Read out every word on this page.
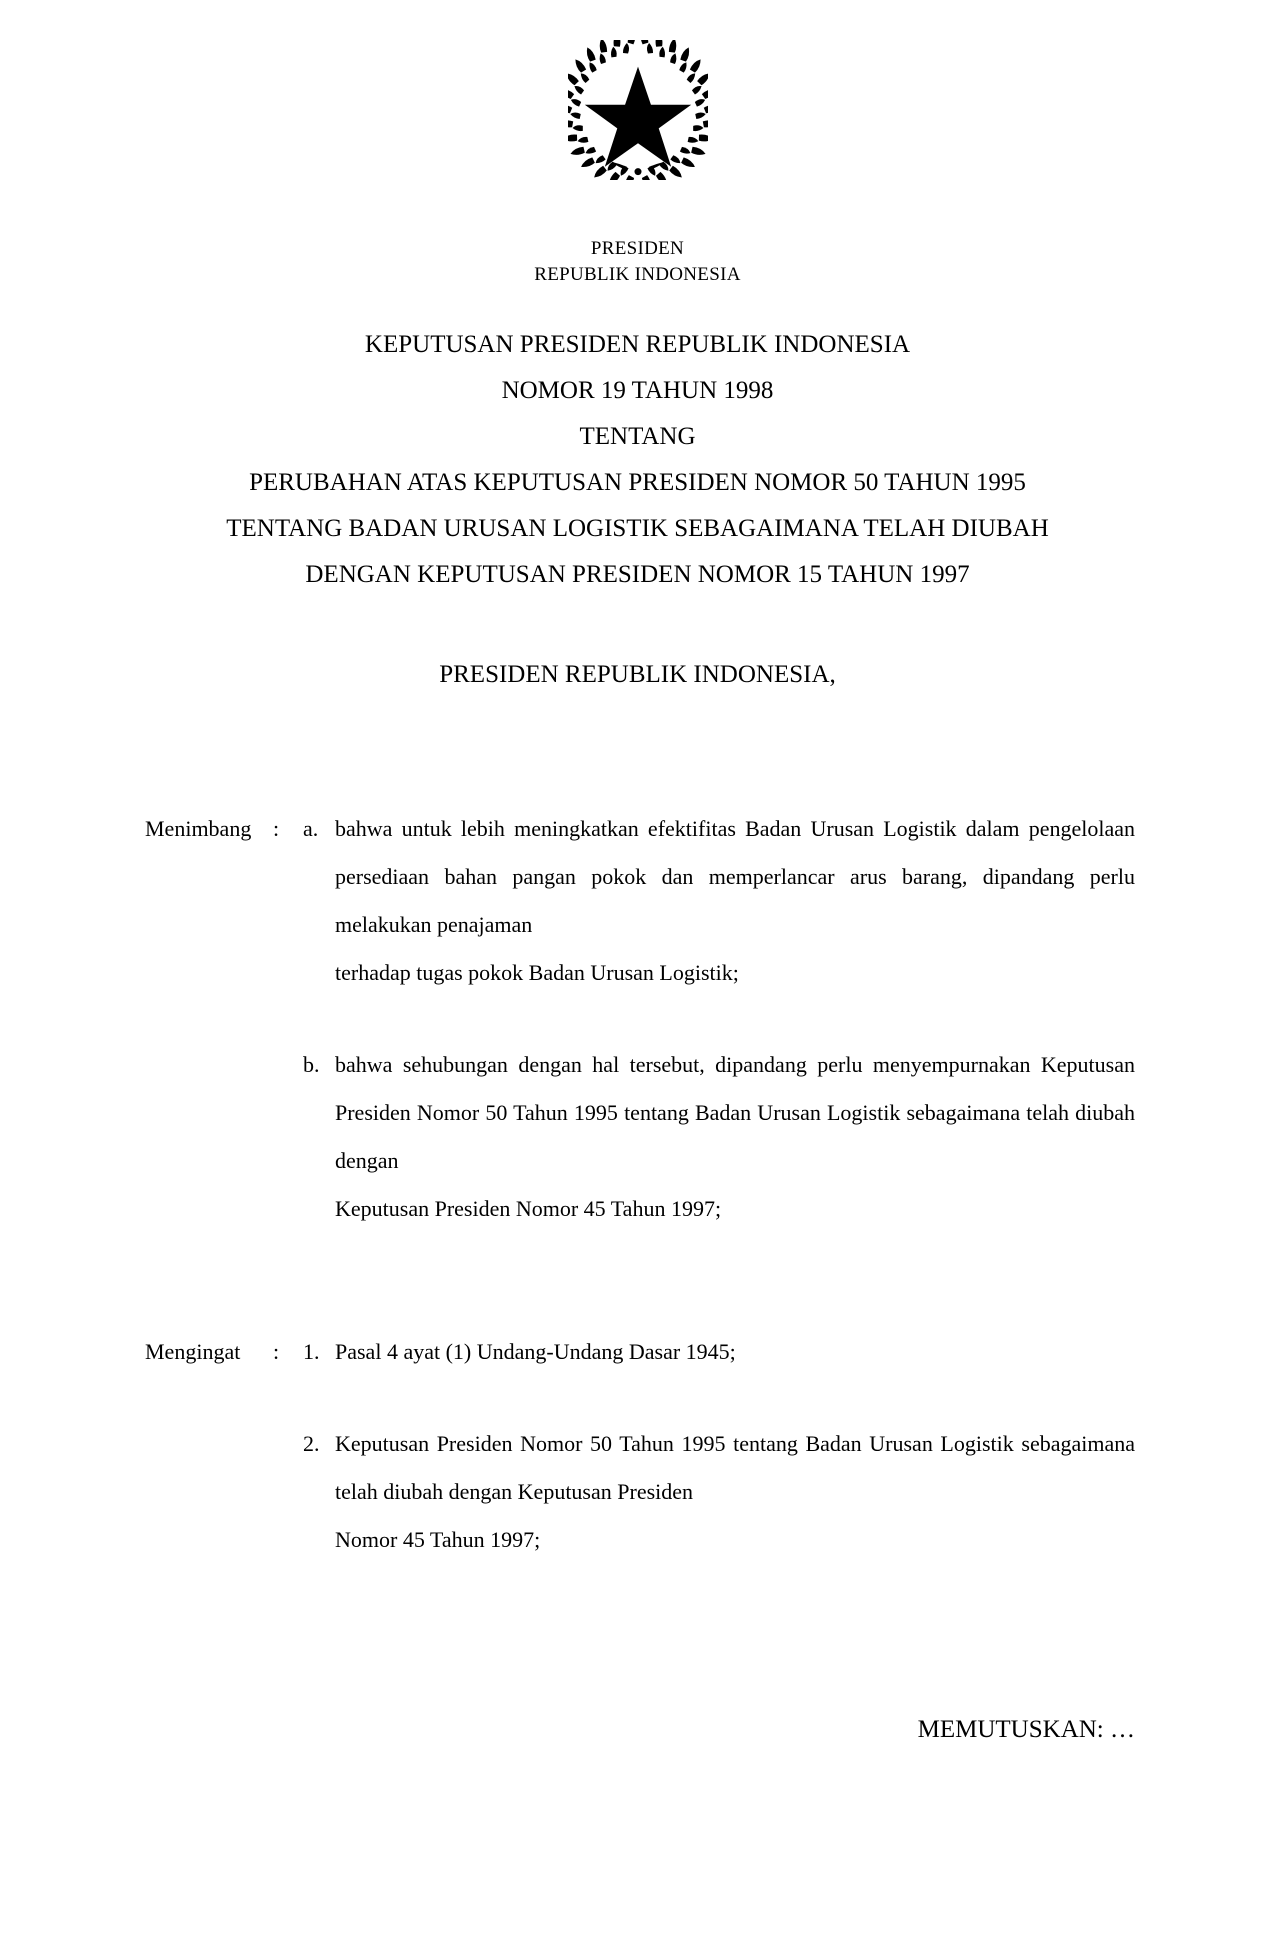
PRESIDEN
REPUBLIK INDONESIA
KEPUTUSAN PRESIDEN REPUBLIK INDONESIA
NOMOR 19 TAHUN 1998
TENTANG
PERUBAHAN ATAS KEPUTUSAN PRESIDEN NOMOR 50 TAHUN 1995
TENTANG BADAN URUSAN LOGISTIK SEBAGAIMANA TELAH DIUBAH
DENGAN KEPUTUSAN PRESIDEN NOMOR 15 TAHUN 1997
PRESIDEN REPUBLIK INDONESIA,
Menimbang :	a. bahwa untuk lebih meningkatkan efektifitas Badan Urusan Logistik dalam pengelolaan persediaan bahan pangan pokok dan memperlancar arus barang, dipandang perlu melakukan penajaman

terhadap tugas pokok Badan Urusan Logistik;

b. bahwa sehubungan dengan hal tersebut, dipandang perlu menyempurnakan Keputusan Presiden Nomor 50 Tahun 1995 tentang Badan Urusan Logistik sebagaimana telah diubah dengan

Keputusan Presiden Nomor 45 Tahun 1997;

Mengingat	:	1. Pasal 4 ayat (1) Undang-Undang Dasar 1945;

2. Keputusan Presiden Nomor 50 Tahun 1995 tentang Badan Urusan Logistik sebagaimana telah diubah dengan Keputusan Presiden

Nomor 45 Tahun 1997;

MEMUTUSKAN: …
